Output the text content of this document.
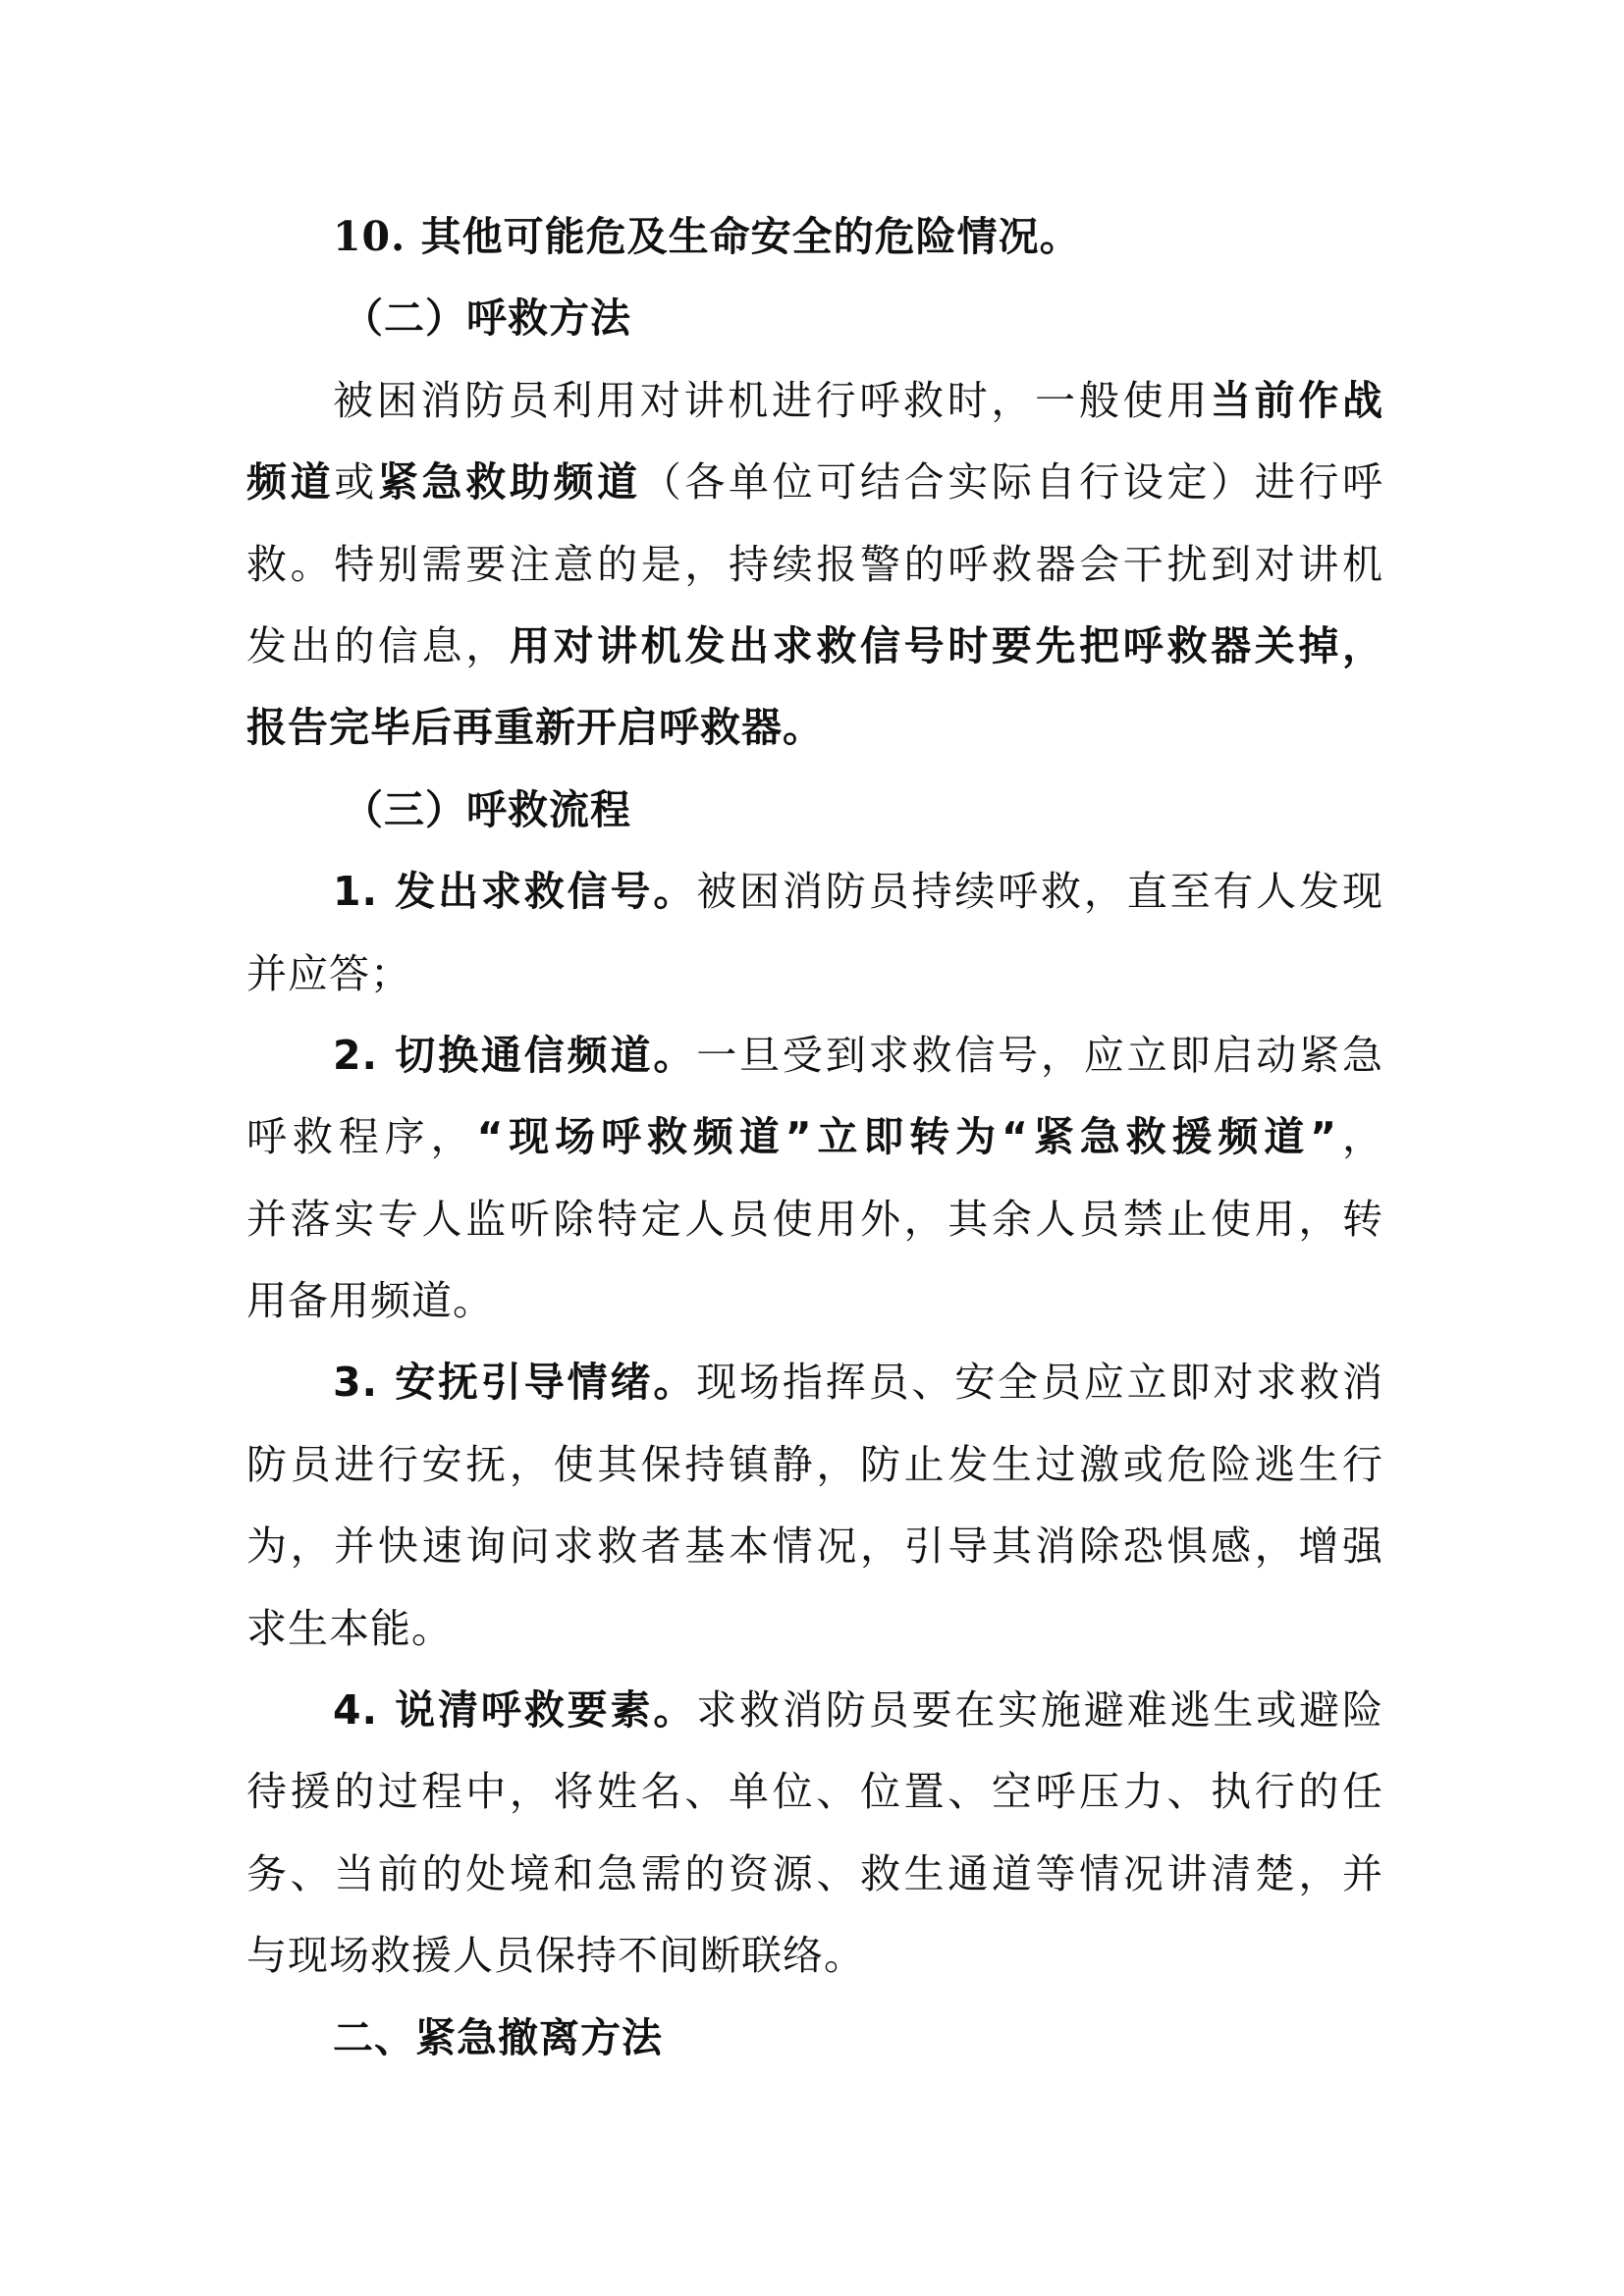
10. 其他可能危及生命安全的危险情况。
（二）呼救方法
被困消防员利用对讲机进行呼救时，一般使用当前作战
频道或紧急救助频道（各单位可结合实际自行设定）进行呼
救。特别需要注意的是，持续报警的呼救器会干扰到对讲机
发出的信息，用对讲机发出求救信号时要先把呼救器关掉，
报告完毕后再重新开启呼救器。
（三）呼救流程
1. 发出求救信号。被困消防员持续呼救，直至有人发现
并应答；
2. 切换通信频道。一旦受到求救信号，应立即启动紧急
呼救程序，“现场呼救频道”立即转为“紧急救援频道”，
并落实专人监听除特定人员使用外，其余人员禁止使用，转
用备用频道。
3. 安抚引导情绪。现场指挥员、安全员应立即对求救消
防员进行安抚，使其保持镇静，防止发生过激或危险逃生行
为，并快速询问求救者基本情况，引导其消除恐惧感，增强
求生本能。
4. 说清呼救要素。求救消防员要在实施避难逃生或避险
待援的过程中，将姓名、单位、位置、空呼压力、执行的任
务、当前的处境和急需的资源、救生通道等情况讲清楚，并
与现场救援人员保持不间断联络。
二、紧急撤离方法
